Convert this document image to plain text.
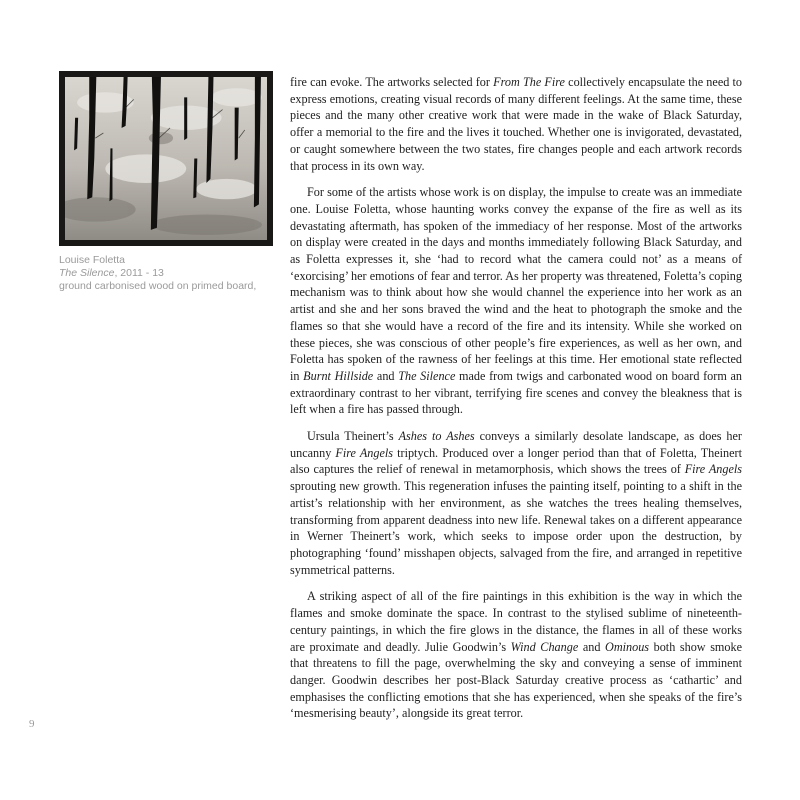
Louise Foletta
The Silence, 2011 - 13
ground carbonised wood on primed board,
9

fire can evoke. The artworks selected for From The Fire collectively encapsulate the need to express emotions, creating visual records of many different feelings. At the same time, these pieces and the many other creative work that were made in the wake of Black Saturday, offer a memorial to the fire and the lives it touched. Whether one is invigorated, devastated, or caught somewhere between the two states, fire changes people and each artwork records that process in its own way.

For some of the artists whose work is on display, the impulse to create was an immediate one. Louise Foletta, whose haunting works convey the expanse of the fire as well as its devastating aftermath, has spoken of the immediacy of her response. Most of the artworks on display were created in the days and months immediately following Black Saturday, and as Foletta expresses it, she ‘had to record what the camera could not’ as a means of ‘exorcising’ her emotions of fear and terror. As her property was threatened, Foletta’s coping mechanism was to think about how she would channel the experience into her work as an artist and she and her sons braved the wind and the heat to photograph the smoke and the flames so that she would have a record of the fire and its intensity. While she worked on these pieces, she was conscious of other people’s fire experiences, as well as her own, and Foletta has spoken of the rawness of her feelings at this time. Her emotional state reflected in Burnt Hillside and The Silence made from twigs and carbonated wood on board form an extraordinary contrast to her vibrant, terrifying fire scenes and convey the bleakness that is left when a fire has passed through.

Ursula Theinert’s Ashes to Ashes conveys a similarly desolate landscape, as does her uncanny Fire Angels triptych. Produced over a longer period than that of Foletta, Theinert also captures the relief of renewal in metamorphosis, which shows the trees of Fire Angels sprouting new growth. This regeneration infuses the painting itself, pointing to a shift in the artist’s relationship with her environment, as she watches the trees healing themselves, transforming from apparent deadness into new life. Renewal takes on a different appearance in Werner Theinert’s work, which seeks to impose order upon the destruction, by photographing ‘found’ misshapen objects, salvaged from the fire, and arranged in repetitive symmetrical patterns.

A striking aspect of all of the fire paintings in this exhibition is the way in which the flames and smoke dominate the space. In contrast to the stylised sublime of nineteenth-century paintings, in which the fire glows in the distance, the flames in all of these works are proximate and deadly. Julie Goodwin’s Wind Change and Ominous both show smoke that threatens to fill the page, overwhelming the sky and conveying a sense of imminent danger. Goodwin describes her post-Black Saturday creative process as ‘cathartic’ and emphasises the conflicting emotions that she has experienced, when she speaks of the fire’s ‘mesmerising beauty’, alongside its great terror.
